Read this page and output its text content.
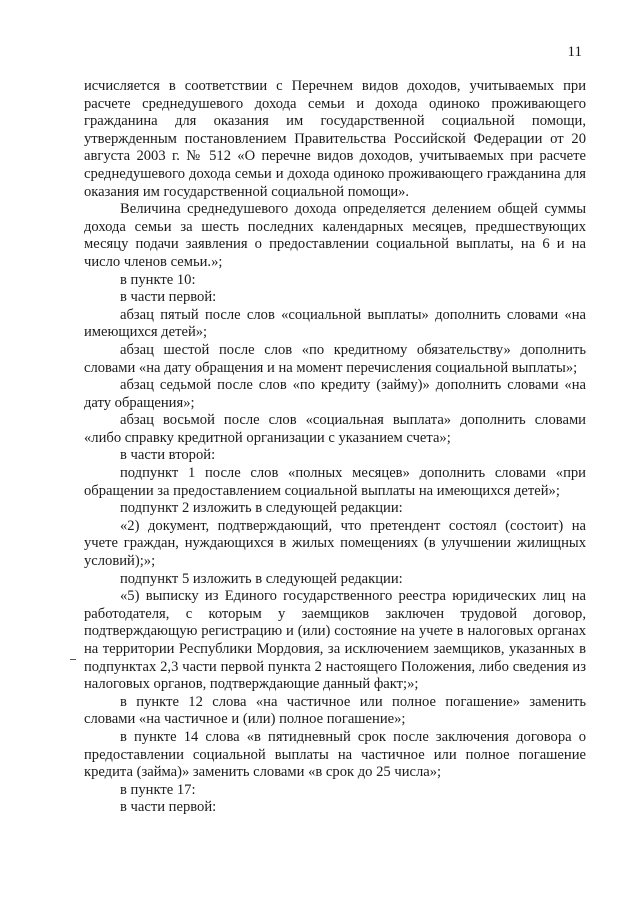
11

исчисляется в соответствии с Перечнем видов доходов, учитываемых при расчете среднедушевого дохода семьи и дохода одиноко проживающего гражданина для оказания им государственной социальной помощи, утвержденным постановлением Правительства Российской Федерации от 20 августа 2003 г. № 512 «О перечне видов доходов, учитываемых при расчете среднедушевого дохода семьи и дохода одиноко проживающего гражданина для оказания им государственной социальной помощи».

Величина среднедушевого дохода определяется делением общей суммы дохода семьи за шесть последних календарных месяцев, предшествующих месяцу подачи заявления о предоставлении социальной выплаты, на 6 и на число членов семьи.»;

в пункте 10:

в части первой:

абзац пятый после слов «социальной выплаты» дополнить словами «на имеющихся детей»;

абзац шестой после слов «по кредитному обязательству» дополнить словами «на дату обращения и на момент перечисления социальной выплаты»;

абзац седьмой после слов «по кредиту (займу)» дополнить словами «на дату обращения»;

абзац восьмой после слов «социальная выплата» дополнить словами «либо справку кредитной организации с указанием счета»;

в части второй:

подпункт 1 после слов «полных месяцев» дополнить словами «при обращении за предоставлением социальной выплаты на имеющихся детей»;

подпункт 2 изложить в следующей редакции:

«2) документ, подтверждающий, что претендент состоял (состоит) на учете граждан, нуждающихся в жилых помещениях (в улучшении жилищных условий);»;

подпункт 5 изложить в следующей редакции:

«5) выписку из Единого государственного реестра юридических лиц на работодателя, с которым у заемщиков заключен трудовой договор, подтверждающую регистрацию и (или) состояние на учете в налоговых органах на территории Республики Мордовия, за исключением заемщиков, указанных в подпунктах 2,3 части первой пункта 2 настоящего Положения, либо сведения из налоговых органов, подтверждающие данный факт;»;

в пункте 12 слова «на частичное или полное погашение» заменить словами «на частичное и (или) полное погашение»;

в пункте 14 слова «в пятидневный срок после заключения договора о предоставлении социальной выплаты на частичное или полное погашение кредита (займа)» заменить словами «в срок до 25 числа»;

в пункте 17:

в части первой:
